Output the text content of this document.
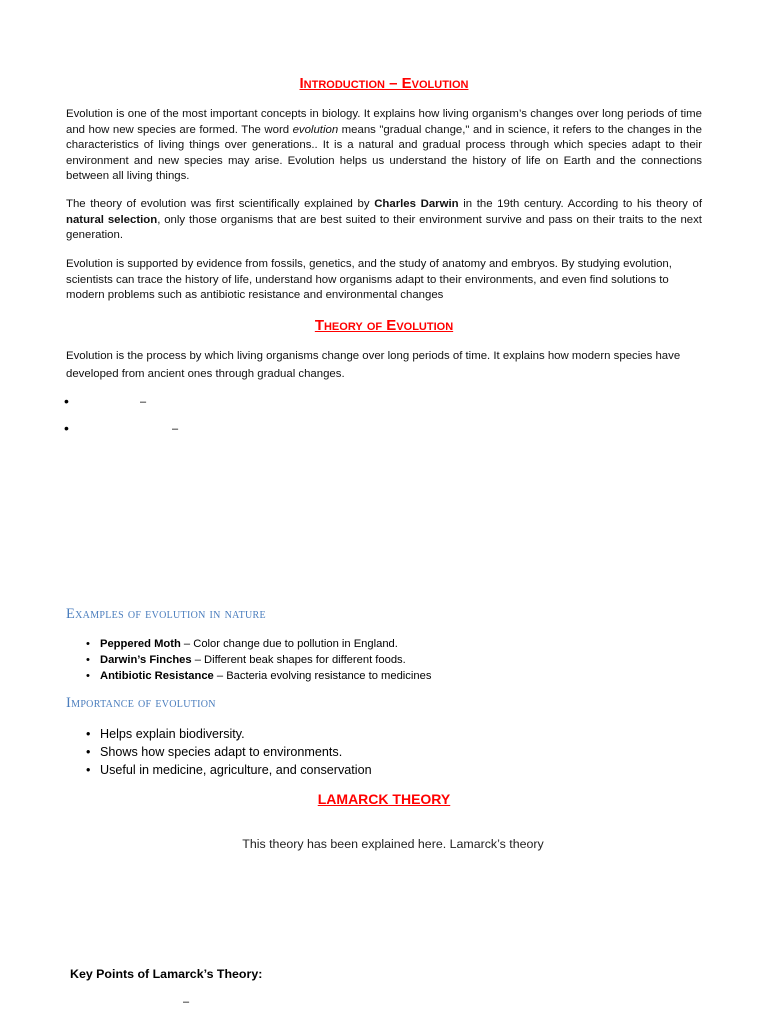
Introduction – Evolution
Evolution is one of the most important concepts in biology. It explains how living organism’s changes over long periods of time and how new species are formed. The word evolution means "gradual change," and in science, it refers to the changes in the characteristics of living things over generations.. It is a natural and gradual process through which species adapt to their environment and new species may arise. Evolution helps us understand the history of life on Earth and the connections between all living things.
The theory of evolution was first scientifically explained by Charles Darwin in the 19th century. According to his theory of natural selection, only those organisms that are best suited to their environment survive and pass on their traits to the next generation.
Evolution is supported by evidence from fossils, genetics, and the study of anatomy and embryos. By studying evolution, scientists can trace the history of life, understand how organisms adapt to their environments, and even find solutions to modern problems such as antibiotic resistance and environmental changes
Theory of Evolution
Evolution is the process by which living organisms change over long periods of time. It explains how modern species have developed from ancient ones through gradual changes.
•	–
•	–
Examples of evolution in nature
• Peppered Moth – Color change due to pollution in England.
• Darwin’s Finches – Different beak shapes for different foods.
• Antibiotic Resistance – Bacteria evolving resistance to medicines
Importance of evolution
• Helps explain biodiversity.
• Shows how species adapt to environments.
• Useful in medicine, agriculture, and conservation
LAMARCK THEORY
This theory has been explained here. Lamarck’s theory
Key Points of Lamarck’s Theory:
–
